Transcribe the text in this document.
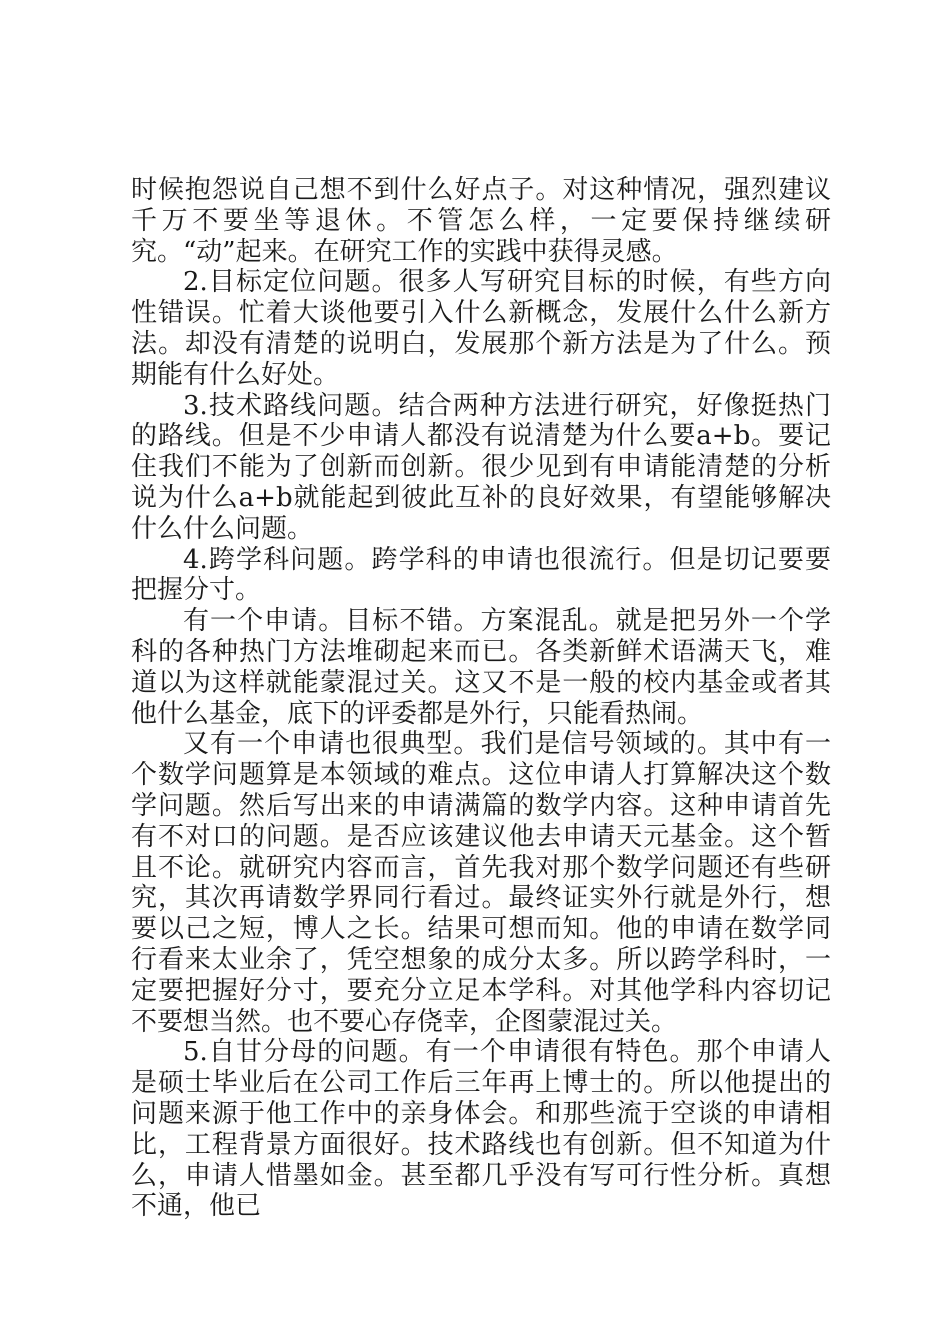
时候抱怨说自己想不到什么好点子。对这种情况，强烈建议千万不要坐等退休。不管怎么样，一定要保持继续研究。“动”起来。在研究工作的实践中获得灵感。

2.目标定位问题。很多人写研究目标的时候，有些方向性错误。忙着大谈他要引入什么新概念，发展什么什么新方法。却没有清楚的说明白，发展那个新方法是为了什么。预期能有什么好处。

3.技术路线问题。结合两种方法进行研究，好像挺热门的路线。但是不少申请人都没有说清楚为什么要a+b。要记住我们不能为了创新而创新。很少见到有申请能清楚的分析说为什么a+b就能起到彼此互补的良好效果，有望能够解决什么什么问题。

4.跨学科问题。跨学科的申请也很流行。但是切记要要把握分寸。

有一个申请。目标不错。方案混乱。就是把另外一个学科的各种热门方法堆砌起来而已。各类新鲜术语满天飞，难道以为这样就能蒙混过关。这又不是一般的校内基金或者其他什么基金，底下的评委都是外行，只能看热闹。

又有一个申请也很典型。我们是信号领域的。其中有一个数学问题算是本领域的难点。这位申请人打算解决这个数学问题。然后写出来的申请满篇的数学内容。这种申请首先有不对口的问题。是否应该建议他去申请天元基金。这个暂且不论。就研究内容而言，首先我对那个数学问题还有些研究，其次再请数学界同行看过。最终证实外行就是外行，想要以己之短，博人之长。结果可想而知。他的申请在数学同行看来太业余了，凭空想象的成分太多。所以跨学科时，一定要把握好分寸，要充分立足本学科。对其他学科内容切记不要想当然。也不要心存侥幸，企图蒙混过关。

5.自甘分母的问题。有一个申请很有特色。那个申请人是硕士毕业后在公司工作后三年再上博士的。所以他提出的问题来源于他工作中的亲身体会。和那些流于空谈的申请相比，工程背景方面很好。技术路线也有创新。但不知道为什么，申请人惜墨如金。甚至都几乎没有写可行性分析。真想不通，他已
